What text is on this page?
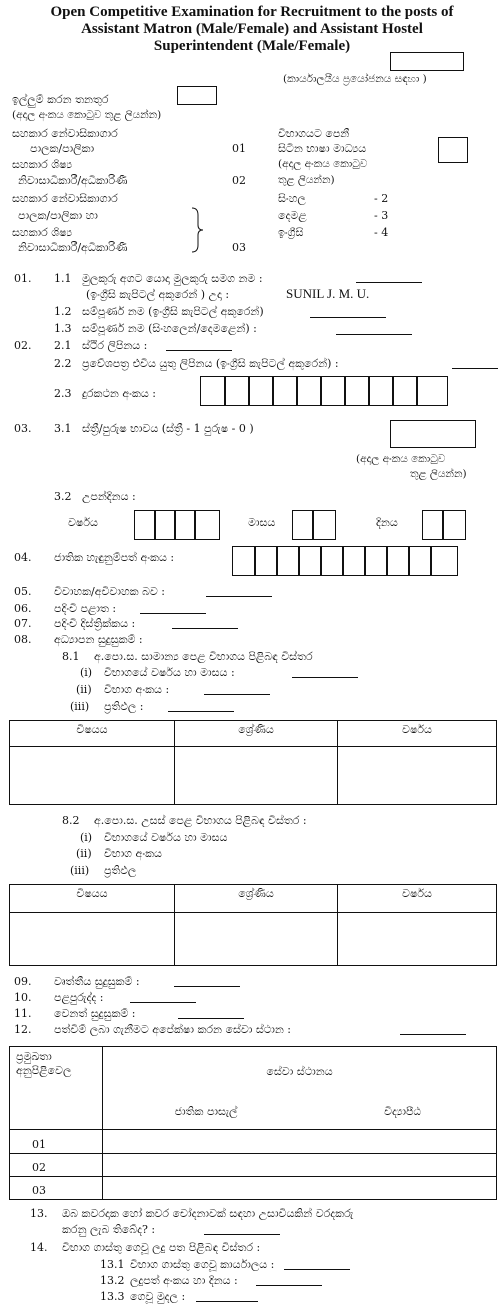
Open Competitive Examination for Recruitment to the posts of
Assistant Matron (Male/Female) and Assistant Hostel
Superintendent (Male/Female)
(කාර්යාලයීය ප්‍රයෝජනය සඳහා )
ඉල්ලුම් කරන තනතුර
(අදාල අංකය කොටුව තුළ ලියන්න)
සහකාර නේවාසිකාගාර
පාලක/පාලිකා	01
සහකාර ශිෂ්‍ය
නිවාසාධිකාරී/අධිකාරිණී	02
සහකාර නේවාසිකාගාර
පාලක/පාලිකා හා
සහකාර ශිෂ්‍ය
නිවාසාධිකාරී/අධිකාරිණී	03
විභාගයට පෙනී
සිටින භාෂා මාධ්‍යය
(අදාල අංකය කොටුව
තුළ ලියන්න)
සිංහල	- 2
දෙමළ	- 3
ඉංග්‍රීසි	- 4
01. 1.1 මුලකුරු අගට යොදා මුලකුරු සමග නම :
(ඉංග්‍රීසි කැපිටල් අකුරෙන් ) උදා :	SUNIL J. M. U.
1.2 සම්පූර්ණ නම (ඉංග්‍රීසි කැපිටල් අකුරෙන්)
1.3 සම්පූර්ණ නම (සිංහලෙන්/දෙමළෙන්) :
02. 2.1 ස්ථිර ලිපිනය :
2.2 ප්‍රවේශපත්‍ර එවිය යුතු ලිපිනය (ඉංග්‍රීසි කැපිටල් අකුරෙන්) :
2.3 දුරකථන අංකය :
03. 3.1 ස්ත්‍රී/පුරුෂ භාවය (ස්ත්‍රී - 1 පුරුෂ - 0 )
(අදාල අංකය කොටුව
තුළ ලියන්න)
3.2 උපන්දිනය :
වර්ෂය	මාසය	දිනය
04. ජාතික හැඳුනුම්පත් අංකය :
05. විවාහක/අවිවාහක බව :
06. පදිංචි පළාත :
07. පදිංචි දිස්ත්‍රික්කය :
08. අධ්‍යාපන සුදුසුකම් :
8.1 අ.පො.ස. සාමාන්‍ය පෙළ විභාගය පිළිබඳ විස්තර
(i) විභාගයේ වර්ෂය හා මාසය :
(ii) විභාග අංකය :
(iii) ප්‍රතිඵල :
විෂයය	ශ්‍රේණිය	වර්ෂය

8.2 අ.පො.ස. උසස් පෙළ විභාගය පිළිබඳ විස්තර :
(i) විභාගයේ වර්ෂය හා මාසය
(ii) විභාග අංකය
(iii) ප්‍රතිඵල
විෂයය	ශ්‍රේණිය	වර්ෂය

09. වෘත්තීය සුදුසුකම් :
10. පළපුරුද්ද :
11. වෙනත් සුදුසුකම් :
12. පත්වීම් ලබා ගැනීමට අපේක්ෂා කරන සේවා ස්ථාන :
ප්‍රමුඛතා
අනුපිළිවෙල	සේවා ස්ථානය	
	ජාතික පාසැල්	විද්‍යාපීඨ
01		
02		
03		
13. ඔබ කවරදාක හෝ කවර චෝදනාවක් සඳහා උසාවියකින් වරදකරු
කරනු ලැබ තිබේද? :
14. විභාග ගාස්තු ගෙවූ ලදු පත පිළිබඳ විස්තර :
13.1 විභාග ගාස්තු ගෙවූ කාර්යාලය :
13.2 ලදුපත් අංකය හා දිනය :
13.3 ගෙවූ මුදල :
